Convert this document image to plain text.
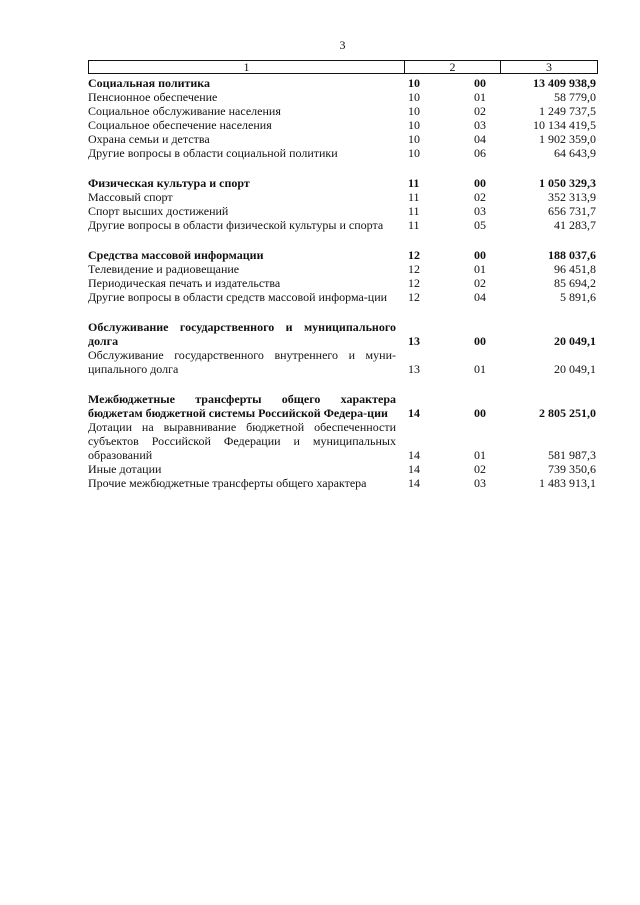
3
1	2	3
Социальная политика	10	00	13 409 938,9
Пенсионное обеспечение	10	01	58 779,0
Социальное обслуживание населения	10	02	1 249 737,5
Социальное обеспечение населения	10	03	10 134 419,5
Охрана семьи и детства	10	04	1 902 359,0
Другие вопросы в области социальной политики	10	06	64 643,9
Физическая культура и спорт	11	00	1 050 329,3
Массовый спорт	11	02	352 313,9
Спорт высших достижений	11	03	656 731,7
Другие вопросы в области физической культуры и спорта	11	05	41 283,7
Средства массовой информации	12	00	188 037,6
Телевидение и радиовещание	12	01	96 451,8
Периодическая печать и издательства	12	02	85 694,2
Другие вопросы в области средств массовой информа-ции	12	04	5 891,6
Обслуживание государственного и муниципального долга	13	00	20 049,1
Обслуживание государственного внутреннего и муни-ципального долга	13	01	20 049,1
Межбюджетные трансферты общего характера бюджетам бюджетной системы Российской Федера-ции	14	00	2 805 251,0
Дотации на выравнивание бюджетной обеспеченности субъектов Российской Федерации и муниципальных образований	14	01	581 987,3
Иные дотации	14	02	739 350,6
Прочие межбюджетные трансферты общего характера	14	03	1 483 913,1
